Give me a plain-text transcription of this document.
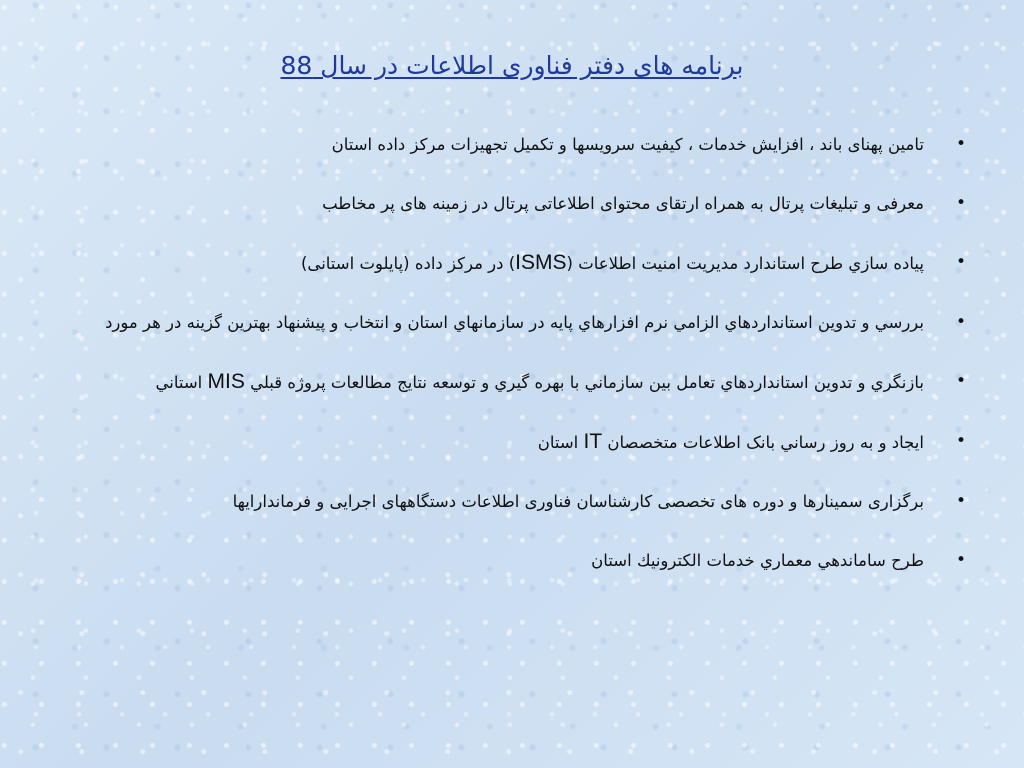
برنامه های دفتر فناوری اطلاعات در سال 88
•
تامین پهنای باند ، افزایش خدمات ، کیفیت سرویسها و تکمیل تجهیزات مرکز داده استان
•
معرفی و تبلیغات پرتال به همراه ارتقای محتوای اطلاعاتی پرتال در زمینه های پر مخاطب
•
پیاده سازي طرح استاندارد مديريت امنيت اطلاعات (ISMS) در مرکز داده (پایلوت استانی)
•
بررسي و تدوين استانداردهاي الزامي نرم افزارهاي پايه در سازمانهاي استان و انتخاب و پيشنهاد بهترين گزينه در هر مورد
•
بازنگري و تدوين استانداردهاي تعامل بين سازماني با بهره گيري و توسعه نتايج مطالعات پروژه قبلي MIS استاني
•
ايجاد و به روز رساني بانک اطلاعات متخصصان IT استان
•
برگزاری سمینارها و دوره های تخصصی کارشناسان فناوری اطلاعات دستگاههای اجرایی و فرماندارایها
•
طرح ساماندهي معماري خدمات الكترونيك استان
